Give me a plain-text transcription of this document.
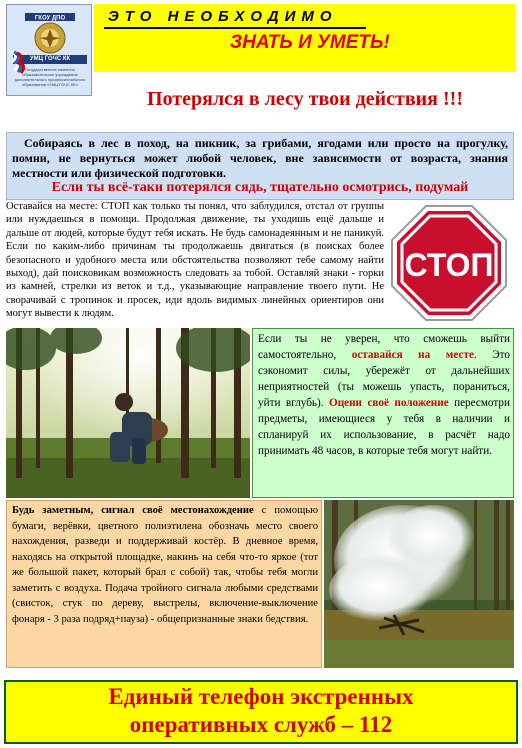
ГКОУ ДПО
УМЦ ГОЧС КК
Государственное казенное образовательное учреждение дополнительного профессионального образования «УМЦ ГОЧС КК»
ЭТО НЕОБХОДИМО
ЗНАТЬ И УМЕТЬ!
Потерялся в лесу твои действия !!!
Собираясь в лес в поход, на пикник, за грибами, ягодами или просто на прогулку, помни, не вернуться может любой человек, вне зависимости от возраста, знания местности или физической подготовки.
Если ты всё-таки потерялся сядь, тщательно осмотрись, подумай
Оставайся на месте: СТОП как только ты понял, что заблудился, отстал от группы или нуждаешься в помощи. Продолжая движение, ты уходишь ещё дальше и дальше от людей, которые будут тебя искать. Не будь самонадеянным и не паникуй. Если по каким-либо причинам ты продолжаешь двигаться (в поисках более безопасного и удобного места или обстоятельства позволяют тебе самому найти выход), дай поисковикам возможность следовать за тобой. Оставляй знаки - горки из камней, стрелки из веток и т.д., указывающие направление твоего пути. Не сворачивай с тропинок и просек, иди вдоль видимых линейных ориентиров они могут вывести к людям.
СТОП
Если ты не уверен, что сможешь выйти самостоятельно, оставайся на месте. Это сэкономит силы, убережёт от дальнейших неприятностей (ты можешь упасть, пораниться, уйти вглубь). Оцени своё положение пересмотри предметы, имеющиеся у тебя в наличии и спланируй их использование, в расчёт надо принимать 48 часов, в которые тебя могут найти.
Будь заметным, сигнал своё местонахождение с помощью бумаги, верёвки, цветного полиэтилена обозначь место своего нахождения, разведи и поддерживай костёр. В дневное время, находясь на открытой площадке, накинь на себя что-то яркое (тот же большой пакет, который брал с собой) так, чтобы тебя могли заметить с воздуха. Подача тройного сигнала любыми средствами (свисток, стук по дереву, выстрелы, включение-выключение фонаря - 3 раза подряд+пауза) - общепризнанные знаки бедствия.
Единый телефон экстренных
оперативных служб – 112
